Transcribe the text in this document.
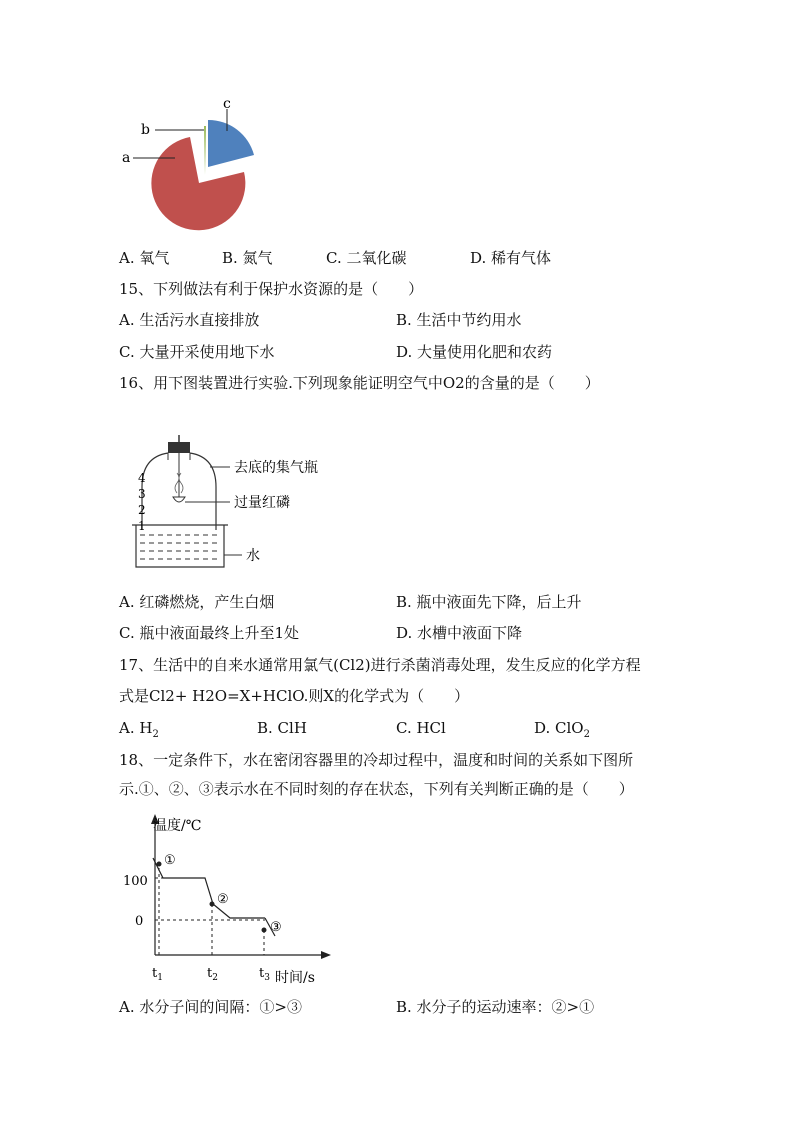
a
b
c
A. 氧气	B. 氮气	C. 二氧化碳	D. 稀有气体
15、下列做法有利于保护水资源的是（　　）
A. 生活污水直接排放	B. 生活中节约用水
C. 大量开采使用地下水	D. 大量使用化肥和农药
16、用下图装置进行实验.下列现象能证明空气中O2的含量的是（　　）
4
3
2
1
去底的集气瓶
过量红磷
水
A. 红磷燃烧，产生白烟	B. 瓶中液面先下降，后上升
C. 瓶中液面最终上升至1处	D. 水槽中液面下降
17、生活中的自来水通常用氯气(Cl2)进行杀菌消毒处理，发生反应的化学方程
式是Cl2+ H2O=X+HClO.则X的化学式为（　　）
A. $H_2$	B. ClH	C. HCl	D. ClO$_2$
18、一定条件下，水在密闭容器里的冷却过程中，温度和时间的关系如下图所
示.①、②、③表示水在不同时刻的存在状态，下列有关判断正确的是（　　）
温度/℃
时间/s
100
0
①
②
③
$t_1$	$t_2$	$t_3$
A. 水分子间的间隔：①>③	B. 水分子的运动速率：②>①
